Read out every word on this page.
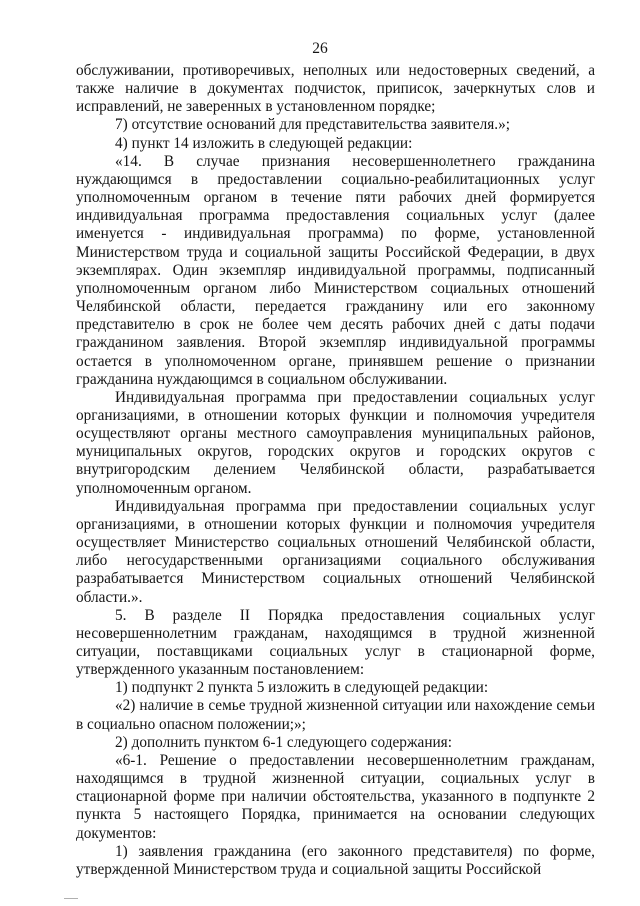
26

обслуживании, противоречивых, неполных или недостоверных сведений, а также наличие в документах подчисток, приписок, зачеркнутых слов и исправлений, не заверенных в установленном порядке;

7) отсутствие оснований для представительства заявителя.»;

4) пункт 14 изложить в следующей редакции:

«14. В случае признания несовершеннолетнего гражданина нуждающимся в предоставлении социально-реабилитационных услуг уполномоченным органом в течение пяти рабочих дней формируется индивидуальная программа предоставления социальных услуг (далее именуется - индивидуальная программа) по форме, установленной Министерством труда и социальной защиты Российской Федерации, в двух экземплярах. Один экземпляр индивидуальной программы, подписанный уполномоченным органом либо Министерством социальных отношений Челябинской области, передается гражданину или его законному представителю в срок не более чем десять рабочих дней с даты подачи гражданином заявления. Второй экземпляр индивидуальной программы остается в уполномоченном органе, принявшем решение о признании гражданина нуждающимся в социальном обслуживании.

Индивидуальная программа при предоставлении социальных услуг организациями, в отношении которых функции и полномочия учредителя осуществляют органы местного самоуправления муниципальных районов, муниципальных округов, городских округов и городских округов с внутригородским делением Челябинской области, разрабатывается уполномоченным органом.

Индивидуальная программа при предоставлении социальных услуг организациями, в отношении которых функции и полномочия учредителя осуществляет Министерство социальных отношений Челябинской области, либо негосударственными организациями социального обслуживания разрабатывается Министерством социальных отношений Челябинской области.».

5. В разделе II Порядка предоставления социальных услуг несовершеннолетним гражданам, находящимся в трудной жизненной ситуации, поставщиками социальных услуг в стационарной форме, утвержденного указанным постановлением:

1) подпункт 2 пункта 5 изложить в следующей редакции:

«2) наличие в семье трудной жизненной ситуации или нахождение семьи в социально опасном положении;»;

2) дополнить пунктом 6-1 следующего содержания:

«6-1. Решение о предоставлении несовершеннолетним гражданам, находящимся в трудной жизненной ситуации, социальных услуг в стационарной форме при наличии обстоятельства, указанного в подпункте 2 пункта 5 настоящего Порядка, принимается на основании следующих документов:

1) заявления гражданина (его законного представителя) по форме, утвержденной Министерством труда и социальной защиты Российской
